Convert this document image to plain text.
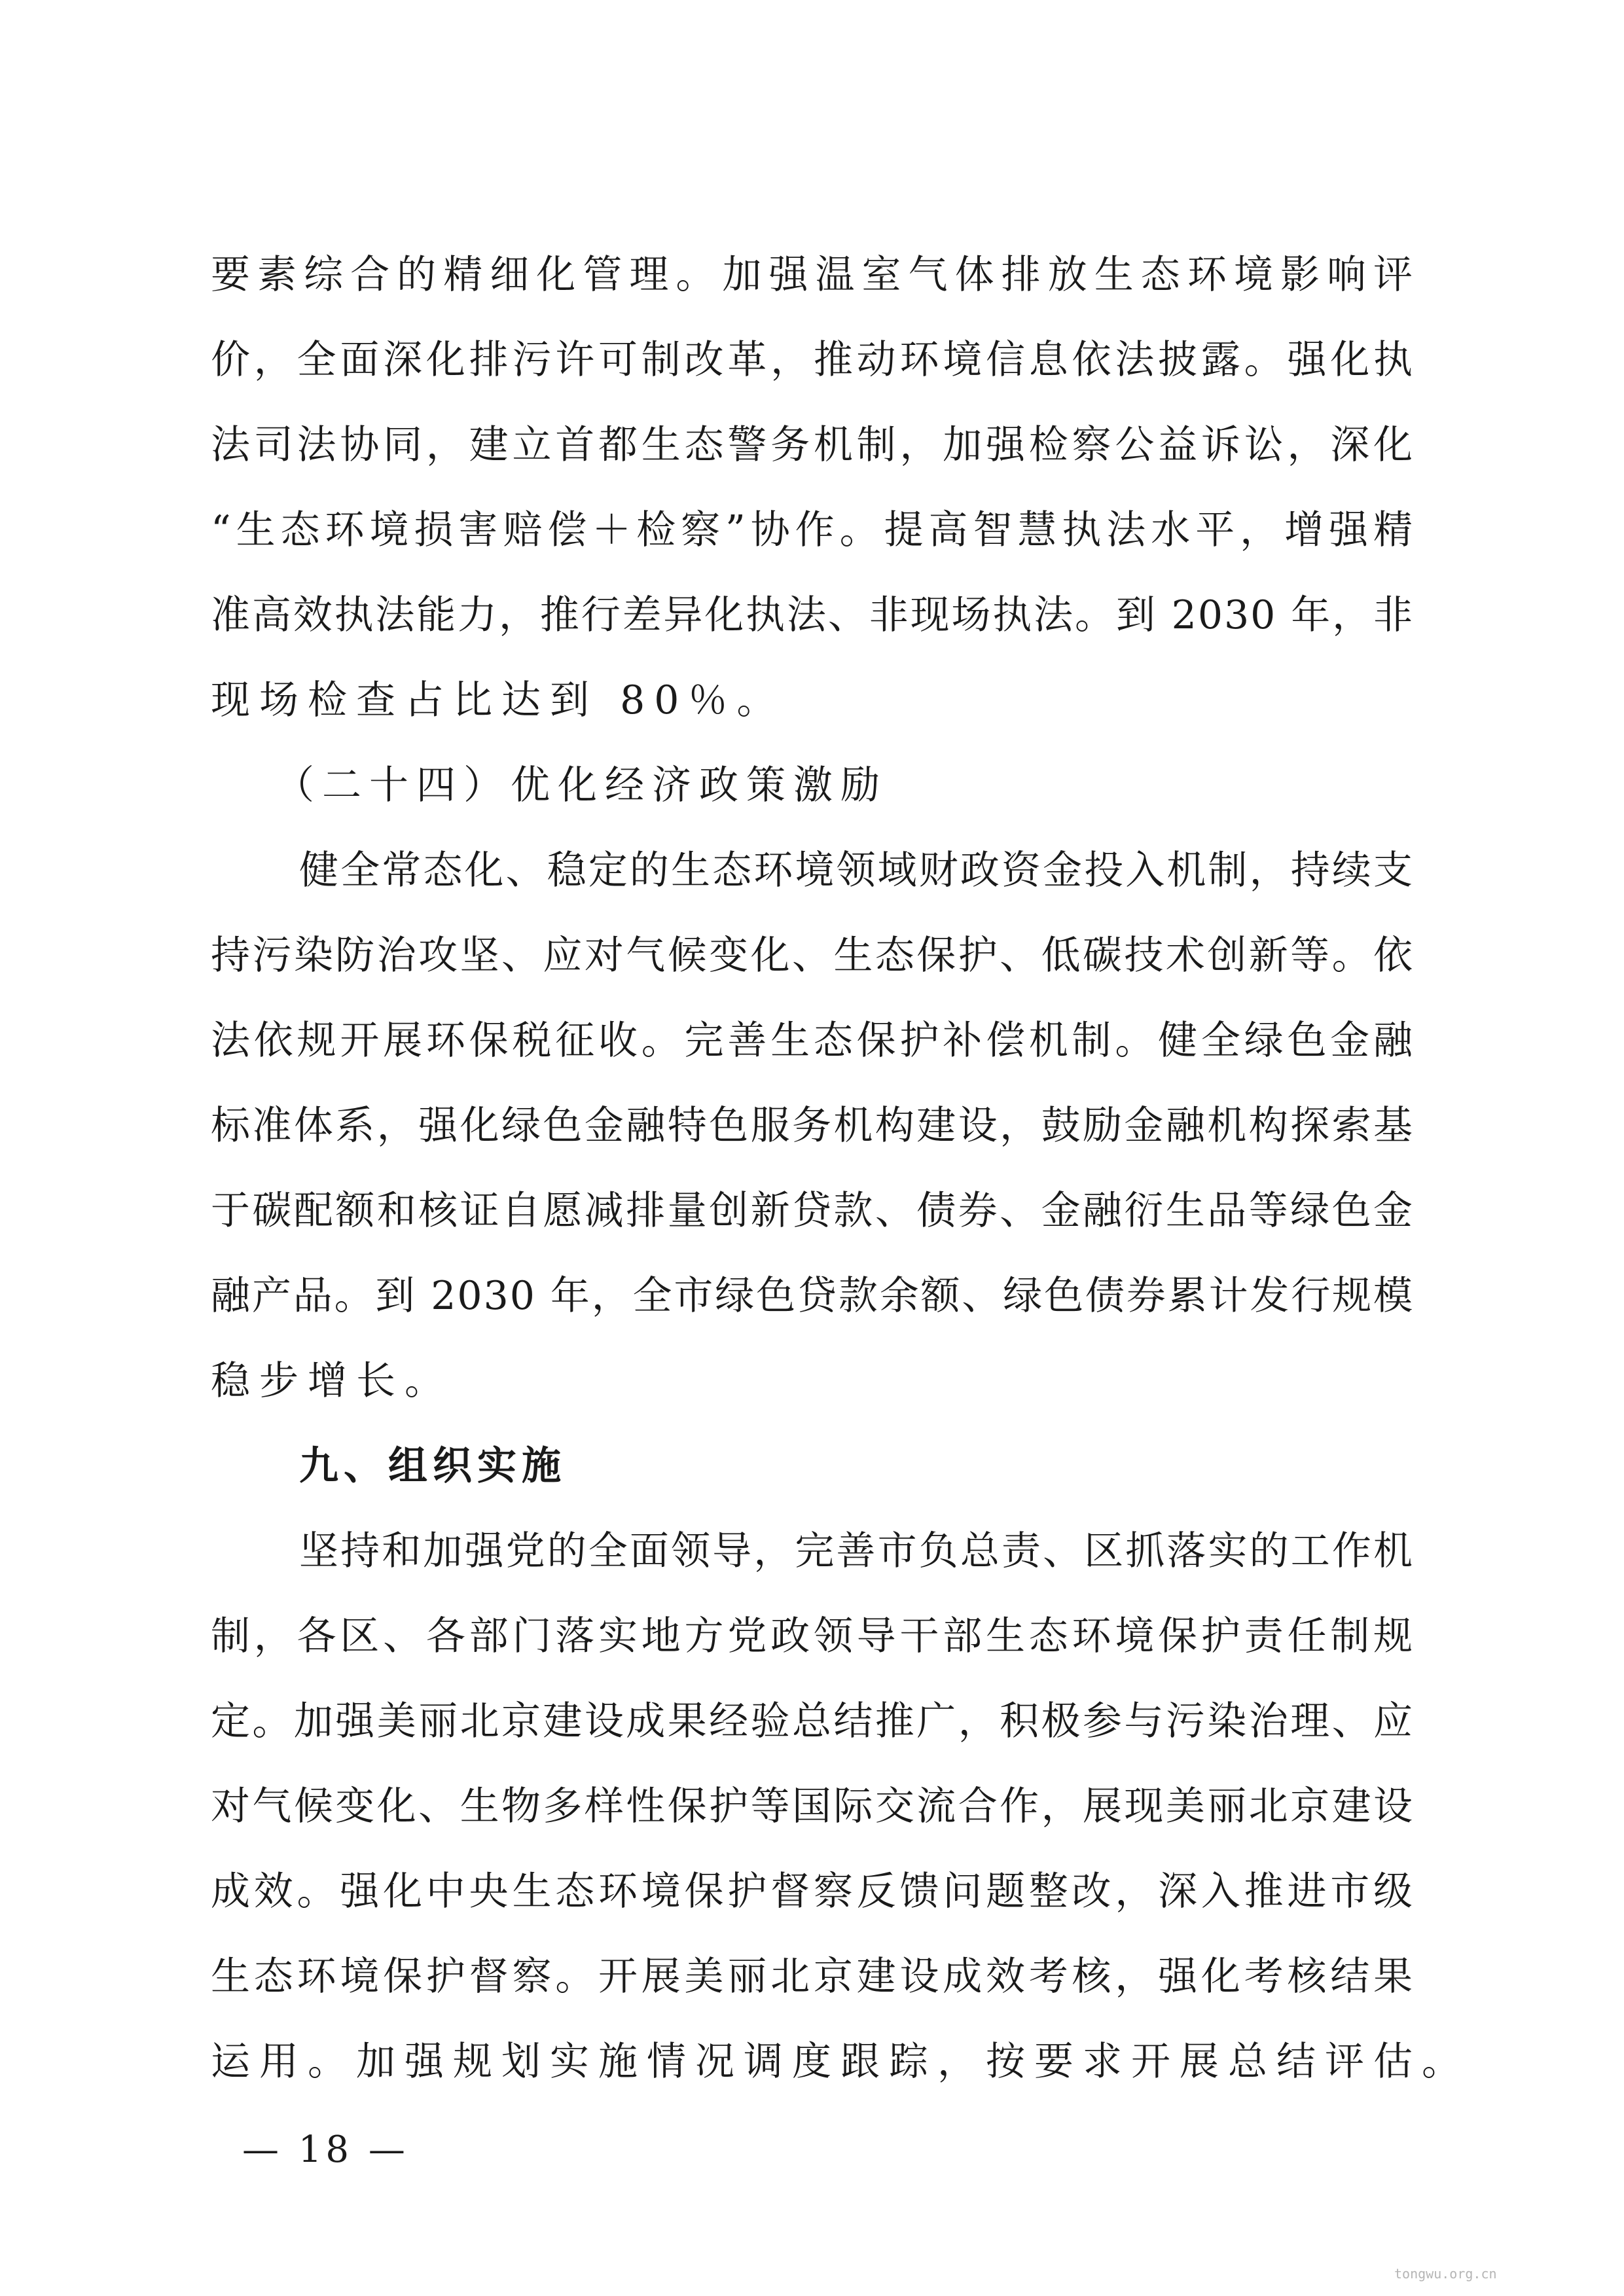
要素综合的精细化管理。加强温室气体排放生态环境影响评
价，全面深化排污许可制改革，推动环境信息依法披露。强化执
法司法协同，建立首都生态警务机制，加强检察公益诉讼，深化
“生态环境损害赔偿＋检察”协作。提高智慧执法水平，增强精
准高效执法能力，推行差异化执法、非现场执法。到 2030 年，非
现场检查占比达到 80％。
（二十四）优化经济政策激励
健全常态化、稳定的生态环境领域财政资金投入机制，持续支
持污染防治攻坚、应对气候变化、生态保护、低碳技术创新等。依
法依规开展环保税征收。完善生态保护补偿机制。健全绿色金融
标准体系，强化绿色金融特色服务机构建设，鼓励金融机构探索基
于碳配额和核证自愿减排量创新贷款、债券、金融衍生品等绿色金
融产品。到 2030 年，全市绿色贷款余额、绿色债券累计发行规模
稳步增长。
九、组织实施
坚持和加强党的全面领导，完善市负总责、区抓落实的工作机
制，各区、各部门落实地方党政领导干部生态环境保护责任制规
定。加强美丽北京建设成果经验总结推广，积极参与污染治理、应
对气候变化、生物多样性保护等国际交流合作，展现美丽北京建设
成效。强化中央生态环境保护督察反馈问题整改，深入推进市级
生态环境保护督察。开展美丽北京建设成效考核，强化考核结果
运用。加强规划实施情况调度跟踪，按要求开展总结评估。
— 18 —
tongwu.org.cn
